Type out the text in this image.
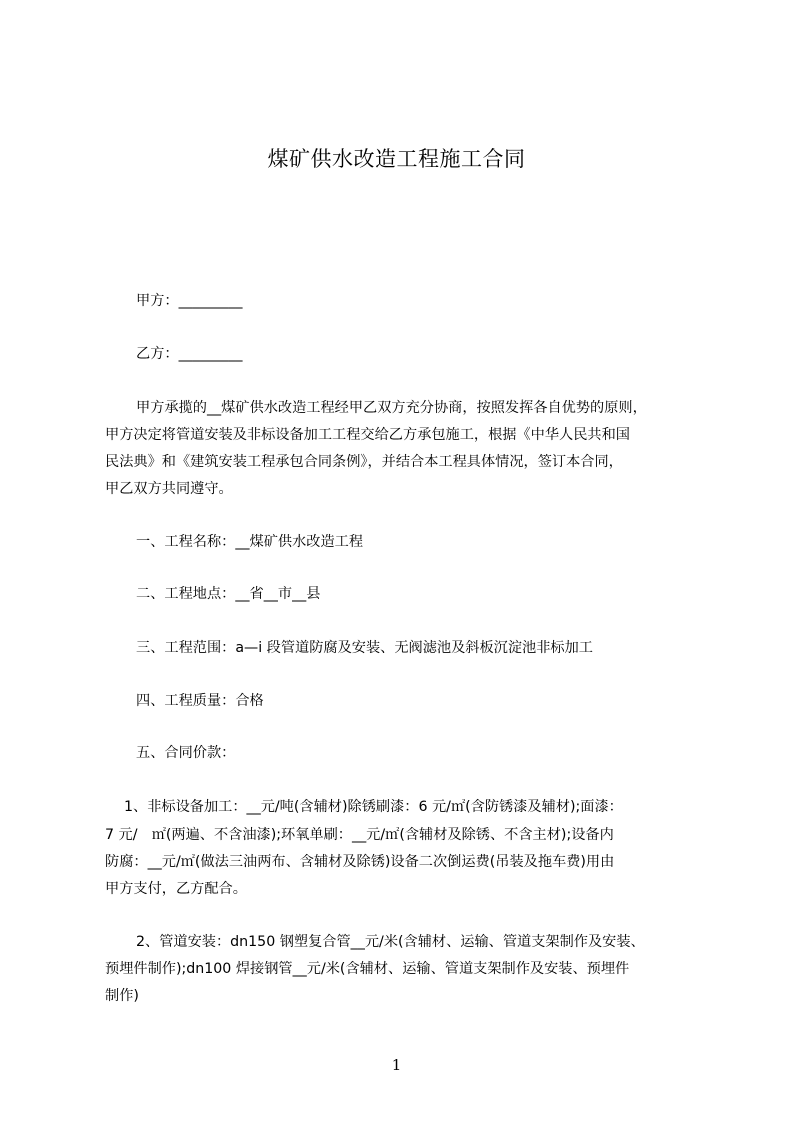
煤矿供水改造工程施工合同
甲方：_________
乙方：_________
甲方承揽的__煤矿供水改造工程经甲乙双方充分协商，按照发挥各自优势的原则，
甲方决定将管道安装及非标设备加工工程交给乙方承包施工，根据《中华人民共和国
民法典》和《建筑安装工程承包合同条例》，并结合本工程具体情况，签订本合同，
甲乙双方共同遵守。
一、工程名称：__煤矿供水改造工程
二、工程地点：__省__市__县
三、工程范围：a—i 段管道防腐及安装、无阀滤池及斜板沉淀池非标加工
四、工程质量：合格
五、合同价款：
1、非标设备加工：__元/吨(含辅材)除锈刷漆：6 元/㎡(含防锈漆及辅材);面漆：
7 元/　㎡(两遍、不含油漆);环氧单刷：__元/㎡(含辅材及除锈、不含主材);设备内
防腐：__元/㎡(做法三油两布、含辅材及除锈)设备二次倒运费(吊装及拖车费)用由
甲方支付，乙方配合。
2、管道安装：dn150 钢塑复合管__元/米(含辅材、运输、管道支架制作及安装、
预埋件制作);dn100 焊接钢管__元/米(含辅材、运输、管道支架制作及安装、预埋件
制作)
1
